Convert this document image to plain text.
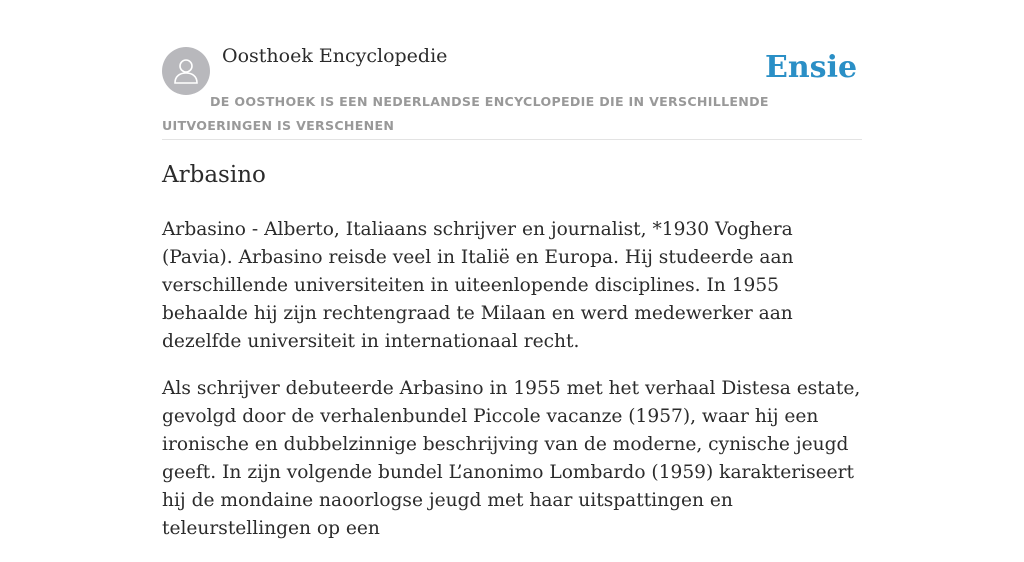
Oosthoek Encyclopedie	Ensie
DE OOSTHOEK IS EEN NEDERLANDSE ENCYCLOPEDIE DIE IN VERSCHILLENDE UITVOERINGEN IS VERSCHENEN
Arbasino

Arbasino - Alberto, Italiaans schrijver en journalist, *1930 Voghera (Pavia). Arbasino reisde veel in Italië en Europa. Hij studeerde aan verschillende universiteiten in uiteenlopende disciplines. In 1955 behaalde hij zijn rechtengraad te Milaan en werd medewerker aan dezelfde universiteit in internationaal recht.

Als schrijver debuteerde Arbasino in 1955 met het verhaal Distesa estate, gevolgd door de verhalenbundel Piccole vacanze (1957), waar hij een ironische en dubbelzinnige beschrijving van de moderne, cynische jeugd geeft. In zijn volgende bundel L’anonimo Lombardo (1959) karakteriseert hij de mondaine naoorlogse jeugd met haar uitspattingen en teleurstellingen op een
